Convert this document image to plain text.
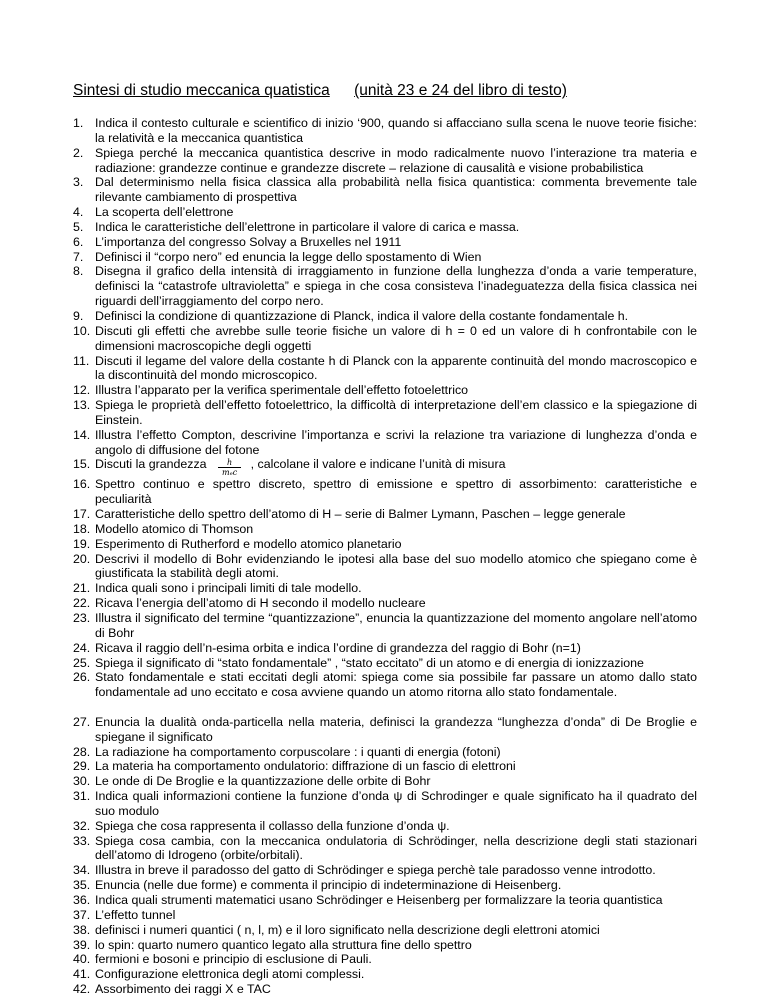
Sintesi di studio meccanica quatistica (unità 23 e 24 del libro di testo)
1. Indica il contesto culturale e scientifico di inizio ‘900, quando si affacciano sulla scena le nuove teorie fisiche: la relatività e la meccanica quantistica
2. Spiega perché la meccanica quantistica descrive in modo radicalmente nuovo l’interazione tra materia e radiazione: grandezze continue e grandezze discrete – relazione di causalità e visione probabilistica
3. Dal determinismo nella fisica classica alla probabilità nella fisica quantistica: commenta brevemente tale rilevante cambiamento di prospettiva
4. La scoperta dell’elettrone
5. Indica le caratteristiche dell’elettrone in particolare il valore di carica e massa.
6. L’importanza del congresso Solvay a Bruxelles nel 1911
7. Definisci il “corpo nero” ed enuncia la legge dello spostamento di Wien
8. Disegna il grafico della intensità di irraggiamento in funzione della lunghezza d’onda a varie temperature, definisci la “catastrofe ultravioletta” e spiega in che cosa consisteva l’inadeguatezza della fisica classica nei riguardi dell’irraggiamento del corpo nero.
9. Definisci la condizione di quantizzazione di Planck, indica il valore della costante fondamentale h.
10. Discuti gli effetti che avrebbe sulle teorie fisiche un valore di h = 0 ed un valore di h confrontabile con le dimensioni macroscopiche degli oggetti
11. Discuti il legame del valore della costante h di Planck con la apparente continuità del mondo macroscopico e la discontinuità del mondo microscopico.
12. Illustra l’apparato per la verifica sperimentale dell’effetto fotoelettrico
13. Spiega le proprietà dell’effetto fotoelettrico, la difficoltà di interpretazione dell’em classico e la spiegazione di Einstein.
14. Illustra l’effetto Compton, descrivine l’importanza e scrivi la relazione tra variazione di lunghezza d’onda e angolo di diffusione del fotone
15. Discuti la grandezza $\frac{h}{\text{mₑc}}$ , calcolane il valore e indicane l’unità di misura
16. Spettro continuo e spettro discreto, spettro di emissione e spettro di assorbimento: caratteristiche e peculiarità
17. Caratteristiche dello spettro dell’atomo di H – serie di Balmer Lymann, Paschen – legge generale
18. Modello atomico di Thomson
19. Esperimento di Rutherford e modello atomico planetario
20. Descrivi il modello di Bohr evidenziando le ipotesi alla base del suo modello atomico che spiegano come è giustificata la stabilità degli atomi.
21. Indica quali sono i principali limiti di tale modello.
22. Ricava l’energia dell’atomo di H secondo il modello nucleare
23. Illustra il significato del termine “quantizzazione”, enuncia la quantizzazione del momento angolare nell’atomo di Bohr
24. Ricava il raggio dell’n-esima orbita e indica l’ordine di grandezza del raggio di Bohr (n=1)
25. Spiega il significato di “stato fondamentale” , “stato eccitato” di un atomo e di energia di ionizzazione
26. Stato fondamentale e stati eccitati degli atomi: spiega come sia possibile far passare un atomo dallo stato fondamentale ad uno eccitato e cosa avviene quando un atomo ritorna allo stato fondamentale.
27. Enuncia la dualità onda-particella nella materia, definisci la grandezza “lunghezza d’onda” di De Broglie e spiegane il significato
28. La radiazione ha comportamento corpuscolare : i quanti di energia (fotoni)
29. La materia ha comportamento ondulatorio: diffrazione di un fascio di elettroni
30. Le onde di De Broglie e la quantizzazione delle orbite di Bohr
31. Indica quali informazioni contiene la funzione d’onda ψ di Schrodinger e quale significato ha il quadrato del suo modulo
32. Spiega che cosa rappresenta il collasso della funzione d’onda ψ.
33. Spiega cosa cambia, con la meccanica ondulatoria di Schrödinger, nella descrizione degli stati stazionari dell’atomo di Idrogeno (orbite/orbitali).
34. Illustra in breve il paradosso del gatto di Schrödinger e spiega perchè tale paradosso venne introdotto.
35. Enuncia (nelle due forme) e commenta il principio di indeterminazione di Heisenberg.
36. Indica quali strumenti matematici usano Schrödinger e Heisenberg per formalizzare la teoria quantistica
37. L’effetto tunnel
38. definisci i numeri quantici ( n, l, m) e il loro significato nella descrizione degli elettroni atomici
39. lo spin: quarto numero quantico legato alla struttura fine dello spettro
40. fermioni e bosoni e principio di esclusione di Pauli.
41. Configurazione elettronica degli atomi complessi.
42. Assorbimento dei raggi X e TAC
